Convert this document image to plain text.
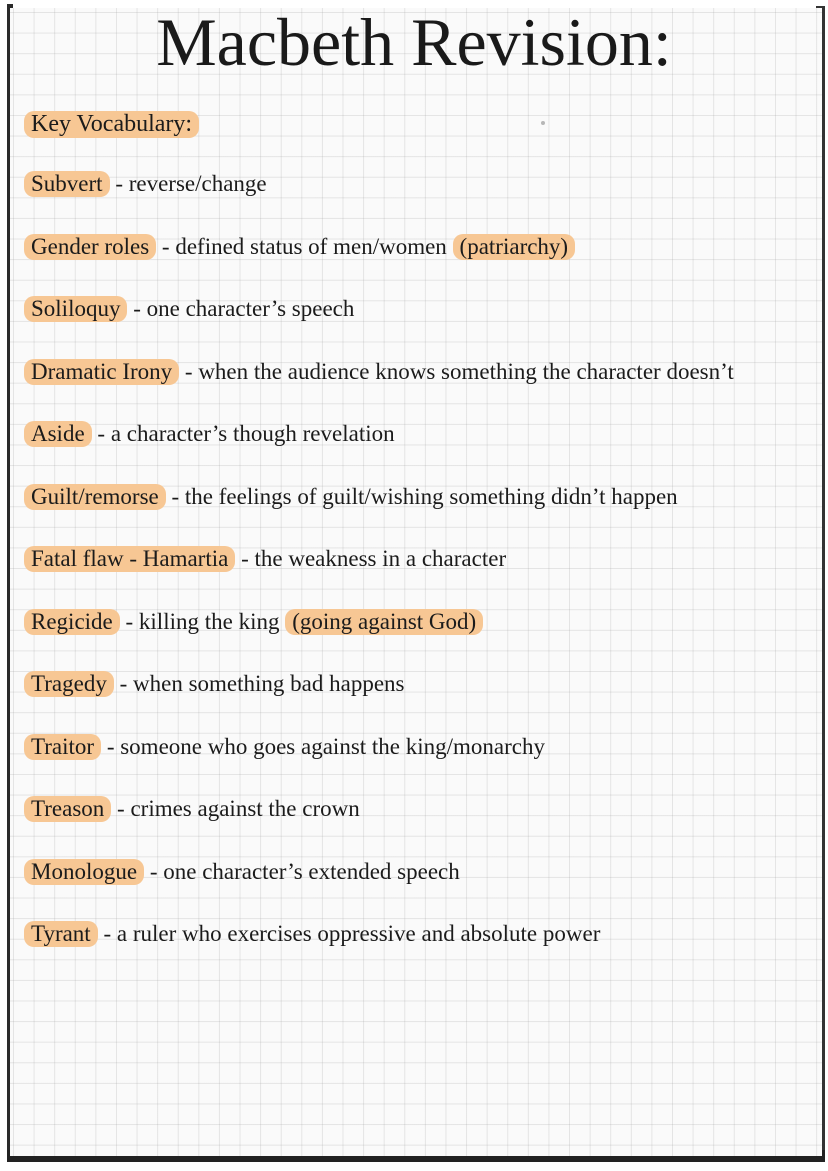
Macbeth Revision:
Key Vocabulary:
Subvert - reverse/change
Gender roles - defined status of men/women (patriarchy)
Soliloquy - one character’s speech
Dramatic Irony - when the audience knows something the character doesn’t
Aside - a character’s though revelation
Guilt/remorse - the feelings of guilt/wishing something didn’t happen
Fatal flaw - Hamartia - the weakness in a character
Regicide - killing the king (going against God)
Tragedy - when something bad happens
Traitor - someone who goes against the king/monarchy
Treason - crimes against the crown
Monologue - one character’s extended speech
Tyrant - a ruler who exercises oppressive and absolute power
